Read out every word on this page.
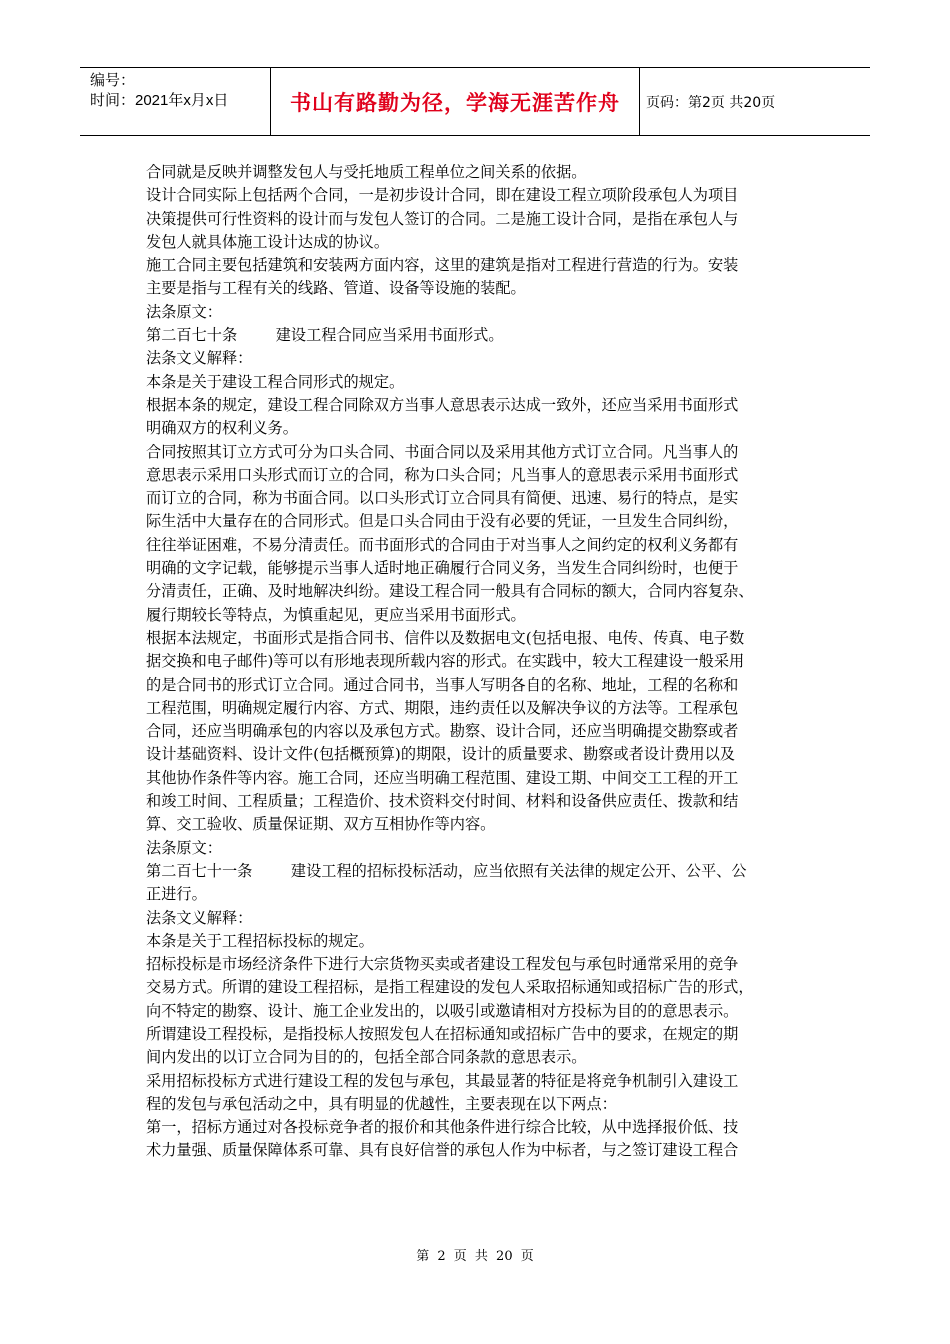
编号：
时间：2021年x月x日	书山有路勤为径，学海无涯苦作舟 页码：第2页 共20页
合同就是反映并调整发包人与受托地质工程单位之间关系的依据。
设计合同实际上包括两个合同，一是初步设计合同，即在建设工程立项阶段承包人为项目
决策提供可行性资料的设计而与发包人签订的合同。二是施工设计合同，是指在承包人与
发包人就具体施工设计达成的协议。
施工合同主要包括建筑和安装两方面内容，这里的建筑是指对工程进行营造的行为。安装
主要是指与工程有关的线路、管道、设备等设施的装配。
法条原文：
第二百七十条        建设工程合同应当采用书面形式。
法条文义解释：
本条是关于建设工程合同形式的规定。
根据本条的规定，建设工程合同除双方当事人意思表示达成一致外，还应当采用书面形式
明确双方的权利义务。
合同按照其订立方式可分为口头合同、书面合同以及采用其他方式订立合同。凡当事人的
意思表示采用口头形式而订立的合同，称为口头合同；凡当事人的意思表示采用书面形式
而订立的合同，称为书面合同。以口头形式订立合同具有简便、迅速、易行的特点，是实
际生活中大量存在的合同形式。但是口头合同由于没有必要的凭证，一旦发生合同纠纷，
往往举证困难，不易分清责任。而书面形式的合同由于对当事人之间约定的权利义务都有
明确的文字记载，能够提示当事人适时地正确履行合同义务，当发生合同纠纷时，也便于
分清责任，正确、及时地解决纠纷。建设工程合同一般具有合同标的额大，合同内容复杂、
履行期较长等特点，为慎重起见，更应当采用书面形式。
根据本法规定，书面形式是指合同书、信件以及数据电文(包括电报、电传、传真、电子数
据交换和电子邮件)等可以有形地表现所载内容的形式。在实践中，较大工程建设一般采用
的是合同书的形式订立合同。通过合同书，当事人写明各自的名称、地址，工程的名称和
工程范围，明确规定履行内容、方式、期限，违约责任以及解决争议的方法等。工程承包
合同，还应当明确承包的内容以及承包方式。勘察、设计合同，还应当明确提交勘察或者
设计基础资料、设计文件(包括概预算)的期限，设计的质量要求、勘察或者设计费用以及
其他协作条件等内容。施工合同，还应当明确工程范围、建设工期、中间交工工程的开工
和竣工时间、工程质量；工程造价、技术资料交付时间、材料和设备供应责任、拨款和结
算、交工验收、质量保证期、双方互相协作等内容。
法条原文：
第二百七十一条        建设工程的招标投标活动，应当依照有关法律的规定公开、公平、公
正进行。
法条文义解释：
本条是关于工程招标投标的规定。
招标投标是市场经济条件下进行大宗货物买卖或者建设工程发包与承包时通常采用的竞争
交易方式。所谓的建设工程招标，是指工程建设的发包人采取招标通知或招标广告的形式，
向不特定的勘察、设计、施工企业发出的，以吸引或邀请相对方投标为目的的意思表示。
所谓建设工程投标，是指投标人按照发包人在招标通知或招标广告中的要求，在规定的期
间内发出的以订立合同为目的的，包括全部合同条款的意思表示。
采用招标投标方式进行建设工程的发包与承包，其最显著的特征是将竞争机制引入建设工
程的发包与承包活动之中，具有明显的优越性，主要表现在以下两点：
第一，招标方通过对各投标竞争者的报价和其他条件进行综合比较，从中选择报价低、技
术力量强、质量保障体系可靠、具有良好信誉的承包人作为中标者，与之签订建设工程合
第 2 页 共 20 页
